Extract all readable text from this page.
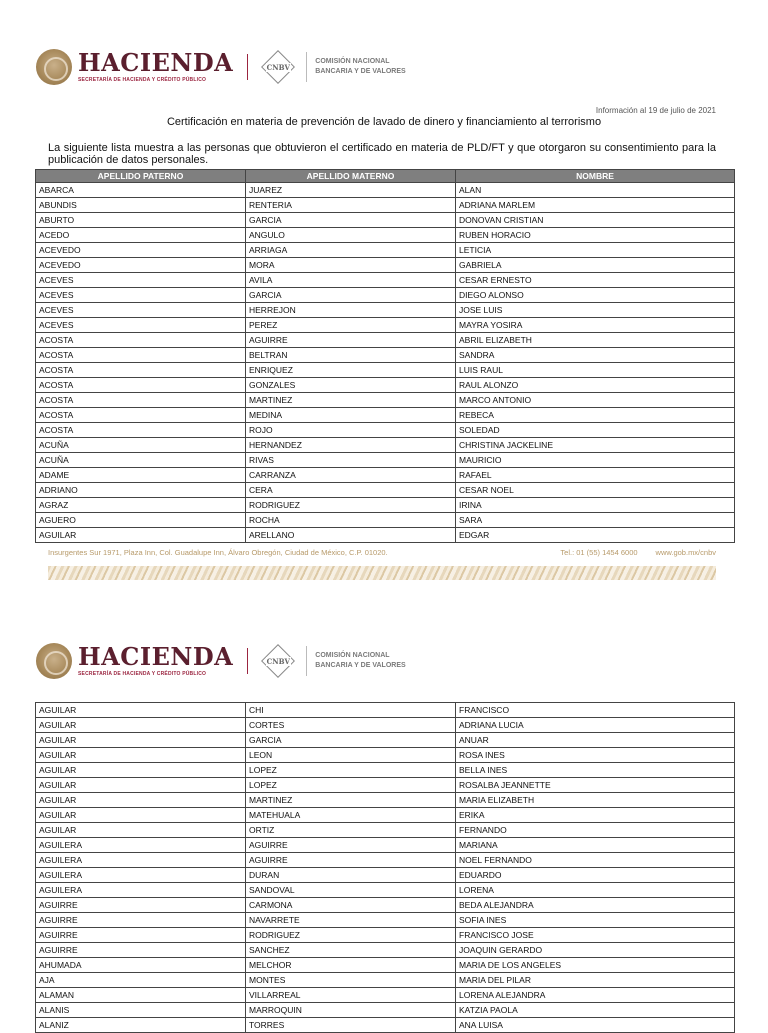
HACIENDA
SECRETARÍA DE HACIENDA Y CRÉDITO PÚBLICO
CNBV
COMISIÓN NACIONAL
BANCARIA Y DE VALORES
Información al 19 de julio de 2021
Certificación en materia de prevención de lavado de dinero y financiamiento al terrorismo
La siguiente lista muestra a las personas que obtuvieron el certificado en materia de PLD/FT y que otorgaron su consentimiento para la publicación de datos personales.
APELLIDO PATERNO	APELLIDO MATERNO	NOMBRE
ABARCA	JUAREZ	ALAN
ABUNDIS	RENTERIA	ADRIANA MARLEM
ABURTO	GARCIA	DONOVAN CRISTIAN
ACEDO	ANGULO	RUBEN HORACIO
ACEVEDO	ARRIAGA	LETICIA
ACEVEDO	MORA	GABRIELA
ACEVES	AVILA	CESAR ERNESTO
ACEVES	GARCIA	DIEGO ALONSO
ACEVES	HERREJON	JOSE LUIS
ACEVES	PEREZ	MAYRA YOSIRA
ACOSTA	AGUIRRE	ABRIL ELIZABETH
ACOSTA	BELTRAN	SANDRA
ACOSTA	ENRIQUEZ	LUIS RAUL
ACOSTA	GONZALES	RAUL ALONZO
ACOSTA	MARTINEZ	MARCO ANTONIO
ACOSTA	MEDINA	REBECA
ACOSTA	ROJO	SOLEDAD
ACUÑA	HERNANDEZ	CHRISTINA JACKELINE
ACUÑA	RIVAS	MAURICIO
ADAME	CARRANZA	RAFAEL
ADRIANO	CERA	CESAR NOEL
AGRAZ	RODRIGUEZ	IRINA
AGUERO	ROCHA	SARA
AGUILAR	ARELLANO	EDGAR
Insurgentes Sur 1971, Plaza Inn, Col. Guadalupe Inn, Álvaro Obregón, Ciudad de México, C.P. 01020.	Tel.: 01 (55) 1454 6000 www.gob.mx/cnbv
HACIENDA
SECRETARÍA DE HACIENDA Y CRÉDITO PÚBLICO
CNBV
COMISIÓN NACIONAL
BANCARIA Y DE VALORES
AGUILAR	CHI	FRANCISCO
AGUILAR	CORTES	ADRIANA LUCIA
AGUILAR	GARCIA	ANUAR
AGUILAR	LEON	ROSA INES
AGUILAR	LOPEZ	BELLA INES
AGUILAR	LOPEZ	ROSALBA JEANNETTE
AGUILAR	MARTINEZ	MARIA ELIZABETH
AGUILAR	MATEHUALA	ERIKA
AGUILAR	ORTIZ	FERNANDO
AGUILERA	AGUIRRE	MARIANA
AGUILERA	AGUIRRE	NOEL FERNANDO
AGUILERA	DURAN	EDUARDO
AGUILERA	SANDOVAL	LORENA
AGUIRRE	CARMONA	BEDA ALEJANDRA
AGUIRRE	NAVARRETE	SOFIA INES
AGUIRRE	RODRIGUEZ	FRANCISCO JOSE
AGUIRRE	SANCHEZ	JOAQUIN GERARDO
AHUMADA	MELCHOR	MARIA DE LOS ANGELES
AJA	MONTES	MARIA DEL PILAR
ALAMAN	VILLARREAL	LORENA ALEJANDRA
ALANIS	MARROQUIN	KATZIA PAOLA
ALANIZ	TORRES	ANA LUISA
